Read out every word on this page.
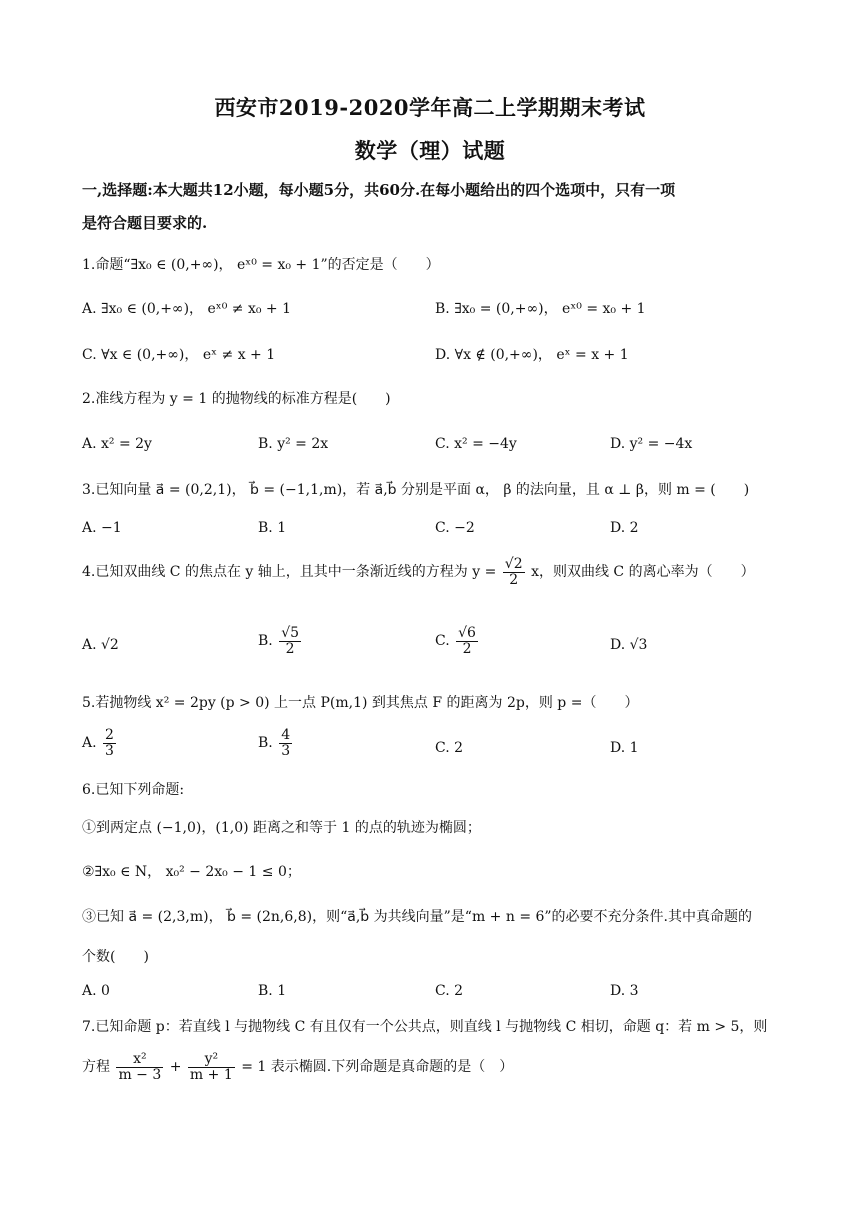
西安市2019-2020学年高二上学期期末考试
数学（理）试题
一,选择题:本大题共12小题，每小题5分，共60分.在每小题给出的四个选项中，只有一项
是符合题目要求的.
1.命题“∃x₀ ∈ (0,+∞)， eˣ⁰ = x₀ + 1”的否定是（　　）
A. ∃x₀ ∈ (0,+∞)， eˣ⁰ ≠ x₀ + 1	B. ∃x₀ = (0,+∞)， eˣ⁰ = x₀ + 1
C. ∀x ∈ (0,+∞)， eˣ ≠ x + 1	D. ∀x ∉ (0,+∞)， eˣ = x + 1
2.准线方程为 y = 1 的抛物线的标准方程是(　　)
A. x² = 2y	B. y² = 2x	C. x² = −4y	D. y² = −4x
3.已知向量 a⃗ = (0,2,1)， b⃗ = (−1,1,m)，若 a⃗,b⃗ 分别是平面 α， β 的法向量，且 α ⊥ β，则 m = (　　)
A. −1	B. 1	C. −2	D. 2
4.已知双曲线 C 的焦点在 y 轴上，且其中一条渐近线的方程为 $y = \frac{√2}{2}$ x，则双曲线 C 的离心率为（　　）
A. √2	B. $\frac{√5}{2}$	C. $\frac{√6}{2}$	D. √3
5.若抛物线 x² = 2py (p > 0) 上一点 P(m,1) 到其焦点 F 的距离为 2p，则 p =（　　）
A. $\frac{2}{3}$	B. $\frac{4}{3}$	C. 2	D. 1
6.已知下列命题:
①到两定点 (−1,0)，(1,0) 距离之和等于 1 的点的轨迹为椭圆；
②∃x₀ ∈ N， x₀² − 2x₀ − 1 ≤ 0；
③已知 a⃗ = (2,3,m)， b⃗ = (2n,6,8)，则“a⃗,b⃗ 为共线向量”是“m + n = 6”的必要不充分条件.其中真命题的
个数(　　)
A. 0	B. 1	C. 2	D. 3
7.已知命题 p：若直线 l 与抛物线 C 有且仅有一个公共点，则直线 l 与抛物线 C 相切，命题 q：若 m > 5，则
方程 $\frac{\text{x²}}{m - 3} + \frac{\text{y²}}{m + 1} = 1$ 表示椭圆.下列命题是真命题的是（　）
